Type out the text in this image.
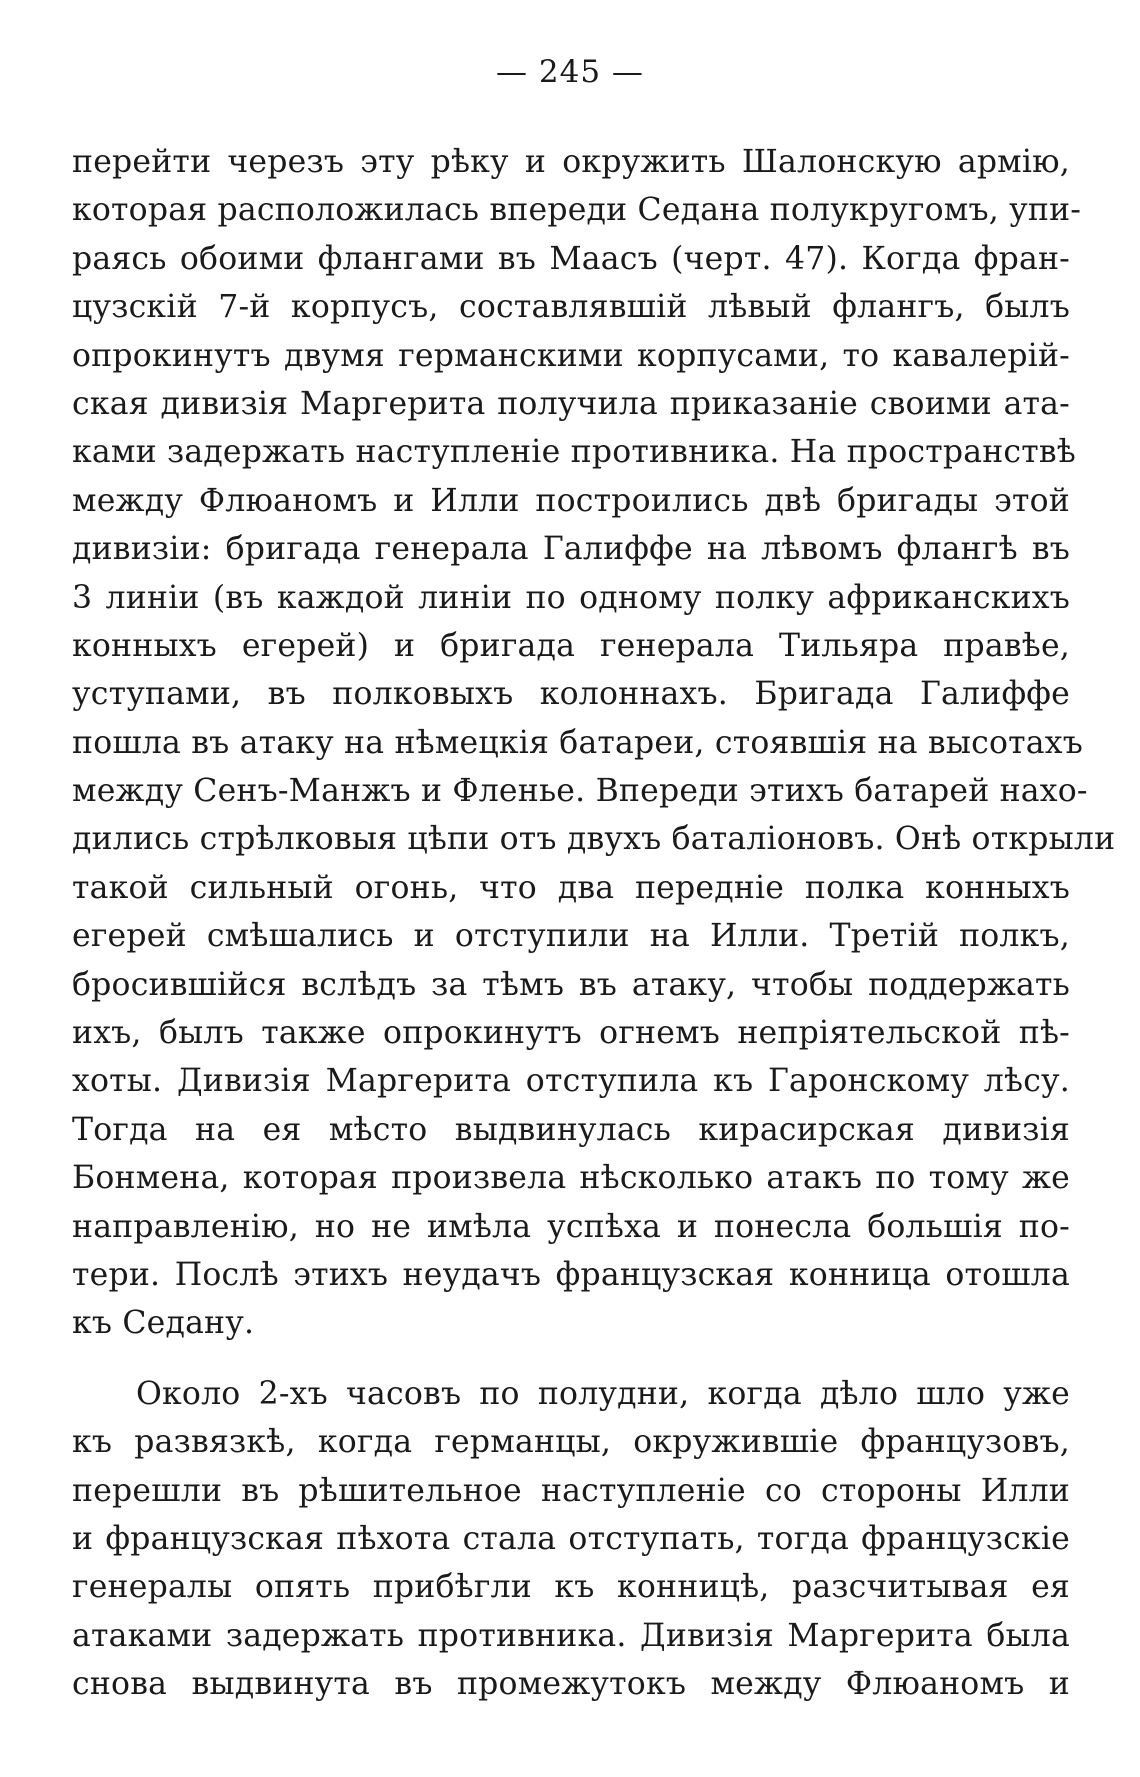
— 245 —
перейти черезъ эту рѣку и окружить Шалонскую армію,
которая расположилась впереди Седана полукругомъ, упи-
раясь обоими флангами въ Маасъ (черт. 47). Когда фран-
цузскій 7-й корпусъ, составлявшій лѣвый флангъ, былъ
опрокинутъ двумя германскими корпусами, то кавалерій-
ская дивизія Маргерита получила приказаніе своими ата-
ками задержать наступленіе противника. На пространствѣ
между Флюаномъ и Илли построились двѣ бригады этой
дивизіи: бригада генерала Галиффе на лѣвомъ флангѣ въ
3 линіи (въ каждой линіи по одному полку африканскихъ
конныхъ егерей) и бригада генерала Тильяра правѣе,
уступами, въ полковыхъ колоннахъ. Бригада Галиффе
пошла въ атаку на нѣмецкія батареи, стоявшія на высотахъ
между Сенъ-Манжъ и Фленье. Впереди этихъ батарей нахо-
дились стрѣлковыя цѣпи отъ двухъ баталіоновъ. Онѣ открыли
такой сильный огонь, что два передніе полка конныхъ
егерей смѣшались и отступили на Илли. Третій полкъ,
бросившійся вслѣдъ за тѣмъ въ атаку, чтобы поддержать
ихъ, былъ также опрокинутъ огнемъ непріятельской пѣ-
хоты. Дивизія Маргерита отступила къ Гаронскому лѣсу.
Тогда на ея мѣсто выдвинулась кирасирская дивизія
Бонмена, которая произвела нѣсколько атакъ по тому же
направленію, но не имѣла успѣха и понесла большія по-
тери. Послѣ этихъ неудачъ французская конница отошла
къ Седану.
Около 2-хъ часовъ по полудни, когда дѣло шло уже
къ развязкѣ, когда германцы, окружившіе французовъ,
перешли въ рѣшительное наступленіе со стороны Илли
и французская пѣхота стала отступать, тогда французскіе
генералы опять прибѣгли къ конницѣ, разсчитывая ея
атаками задержать противника. Дивизія Маргерита была
снова выдвинута въ промежутокъ между Флюаномъ и
